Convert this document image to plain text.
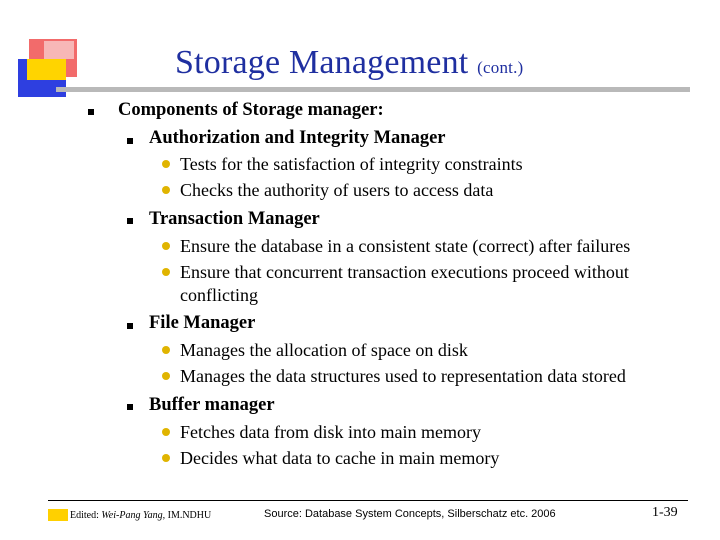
Storage Management (cont.)
Components of Storage manager:
Authorization and Integrity Manager
Tests for the satisfaction of integrity constraints
Checks the authority of users to access data
Transaction Manager
Ensure the database in a consistent state (correct) after failures
Ensure that concurrent transaction executions proceed without
conflicting
File Manager
Manages the allocation of space on disk
Manages the data structures used to representation data stored
Buffer manager
Fetches data from disk into main memory
Decides what data to cache in main memory
Edited: Wei-Pang Yang, IM.NDHU	Source: Database System Concepts, Silberschatz etc. 2006	1-39
